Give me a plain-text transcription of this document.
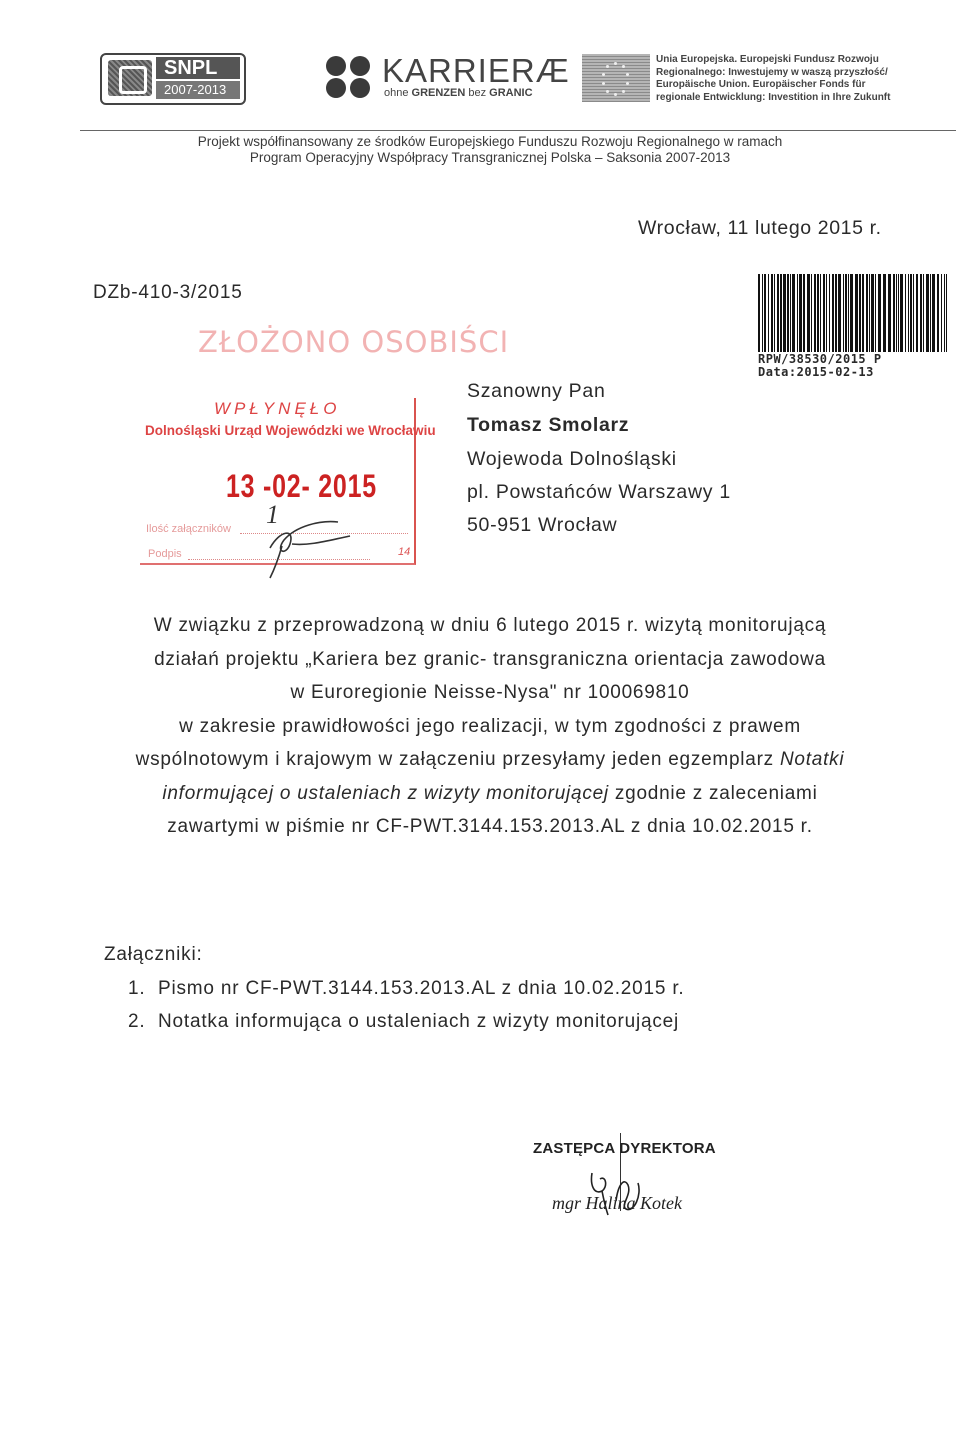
SNPL
2007-2013
KARRIERÆ
ohne GRENZEN bez GRANIC
Unia Europejska. Europejski Fundusz Rozwoju
Regionalnego: Inwestujemy w waszą przyszłość/
Europäische Union. Europäischer Fonds für
regionale Entwicklung: Investition in Ihre Zukunft
Projekt współfinansowany ze środków Europejskiego Funduszu Rozwoju Regionalnego w ramach
Program Operacyjny Współpracy Transgranicznej Polska – Saksonia 2007-2013
Wrocław, 11 lutego 2015 r.
DZb-410-3/2015
RPW/38530/2015 P
Data:2015-02-13
ZŁOŻONO OSOBIŚCI
WPŁYNĘŁO
Dolnośląski Urząd Wojewódzki we Wrocławiu
13 -02- 2015
Ilość załączników 1
Podpis	14
Szanowny Pan
Tomasz Smolarz
Wojewoda Dolnośląski
pl. Powstańców Warszawy 1
50-951 Wrocław
W związku z przeprowadzoną w dniu 6 lutego 2015 r. wizytą monitorującą
działań projektu „Kariera bez granic- transgraniczna orientacja zawodowa
w Euroregionie Neisse-Nysa" nr 100069810
w zakresie prawidłowości jego realizacji, w tym zgodności z prawem
wspólnotowym i krajowym w załączeniu przesyłamy jeden egzemplarz Notatki
informującej o ustaleniach z wizyty monitorującej zgodnie z zaleceniami
zawartymi w piśmie nr CF-PWT.3144.153.2013.AL z dnia 10.02.2015 r.
Załączniki:
1. Pismo nr CF-PWT.3144.153.2013.AL z dnia 10.02.2015 r.
2. Notatka informująca o ustaleniach z wizyty monitorującej
ZASTĘPCA DYREKTORA
mgr Halina Kotek
